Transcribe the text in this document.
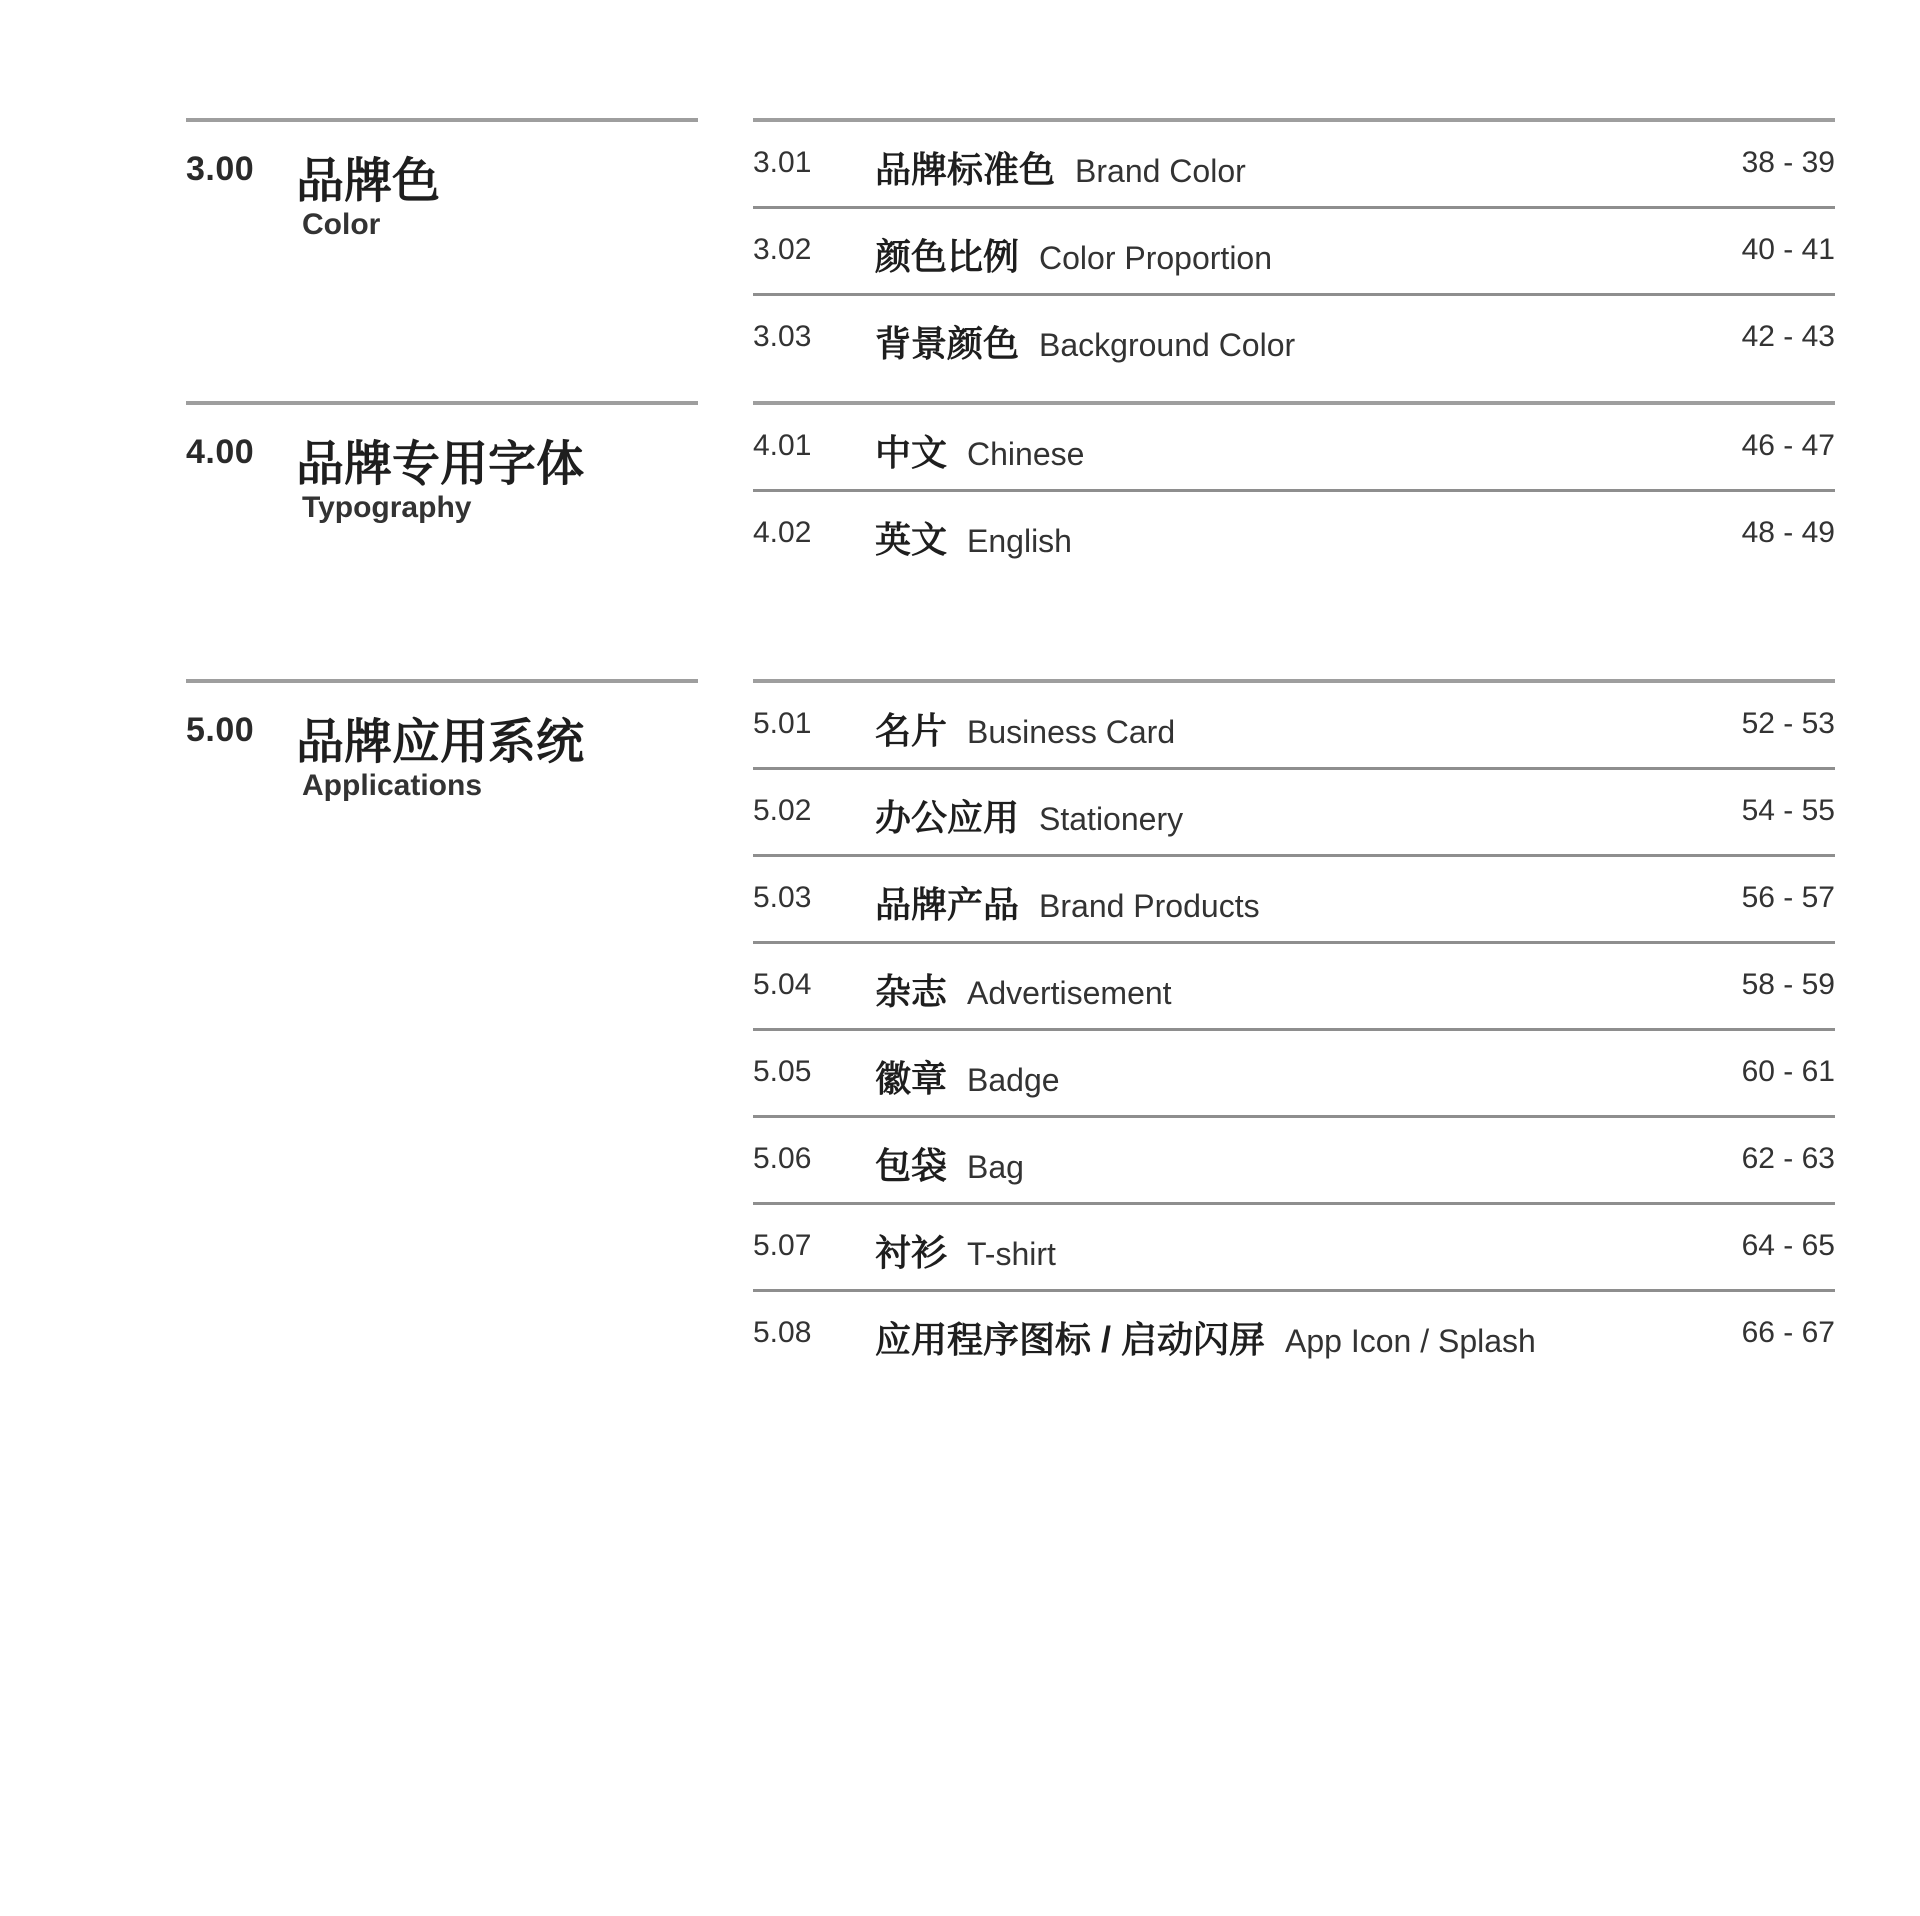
3.00 品牌色
Color
3.01 品牌标准色 Brand Color	38 - 39
3.02 颜色比例 Color Proportion	40 - 41
3.03 背景颜色 Background Color	42 - 43
4.00 品牌专用字体
Typography
4.01 中文 Chinese	46 - 47
4.02 英文 English	48 - 49
5.00 品牌应用系统
Applications
5.01 名片 Business Card	52 - 53
5.02 办公应用 Stationery	54 - 55
5.03 品牌产品 Brand Products	56 - 57
5.04 杂志 Advertisement	58 - 59
5.05 徽章 Badge	60 - 61
5.06 包袋 Bag	62 - 63
5.07 衬衫 T-shirt	64 - 65
5.08 应用程序图标 / 启动闪屏 App Icon / Splash	66 - 67
